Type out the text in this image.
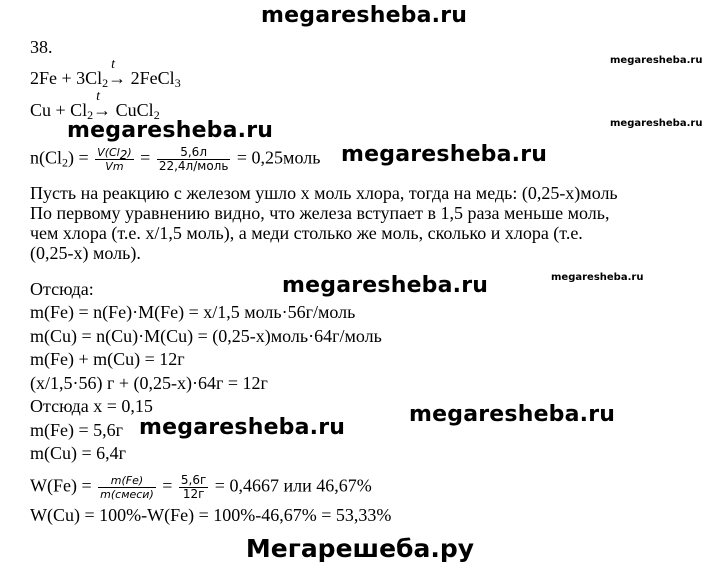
megaresheba.ru
megaresheba.ru
megaresheba.ru
megaresheba.ru
megaresheba.ru
megaresheba.ru	megaresheba.ru
megaresheba.ru
megaresheba.ru
38.
$2Fe + 3Cl_2$
t
→ 2FeCl$_3$
$Cu + Cl_2$
t
→ CuCl$_2$
$n(Cl_2) = \frac{V(Cl_2)}{Vm} = \frac{5,6л}{\text{22,4л/моль}}$ = 0,25моль
Пусть на реакцию с железом ушло x моль хлора, тогда на медь: (0,25-x)моль
По первому уравнению видно, что железа вступает в 1,5 раза меньше моль,
чем хлора (т.е. x/1,5 моль), а меди столько же моль, сколько и хлора (т.е.
(0,25-x) моль).
Отсюда:
m(Fe) = n(Fe)·M(Fe) = x/1,5 моль·56г/моль
m(Cu) = n(Cu)·M(Cu) = (0,25-x)моль·64г/моль
m(Fe) + m(Cu) = 12г
(x/1,5·56) г + (0,25-x)·64г = 12г
Отсюда x = 0,15
m(Fe) = 5,6г
m(Cu) = 6,4г
$W(Fe) = \frac{m(Fe)}{\text{m(смеси)}} = \frac{5,6г}{12г} = 0,4667$ или 46,67%
W(Cu) = 100%-W(Fe) = 100%-46,67% = 53,33%
Мегарешеба.ру
